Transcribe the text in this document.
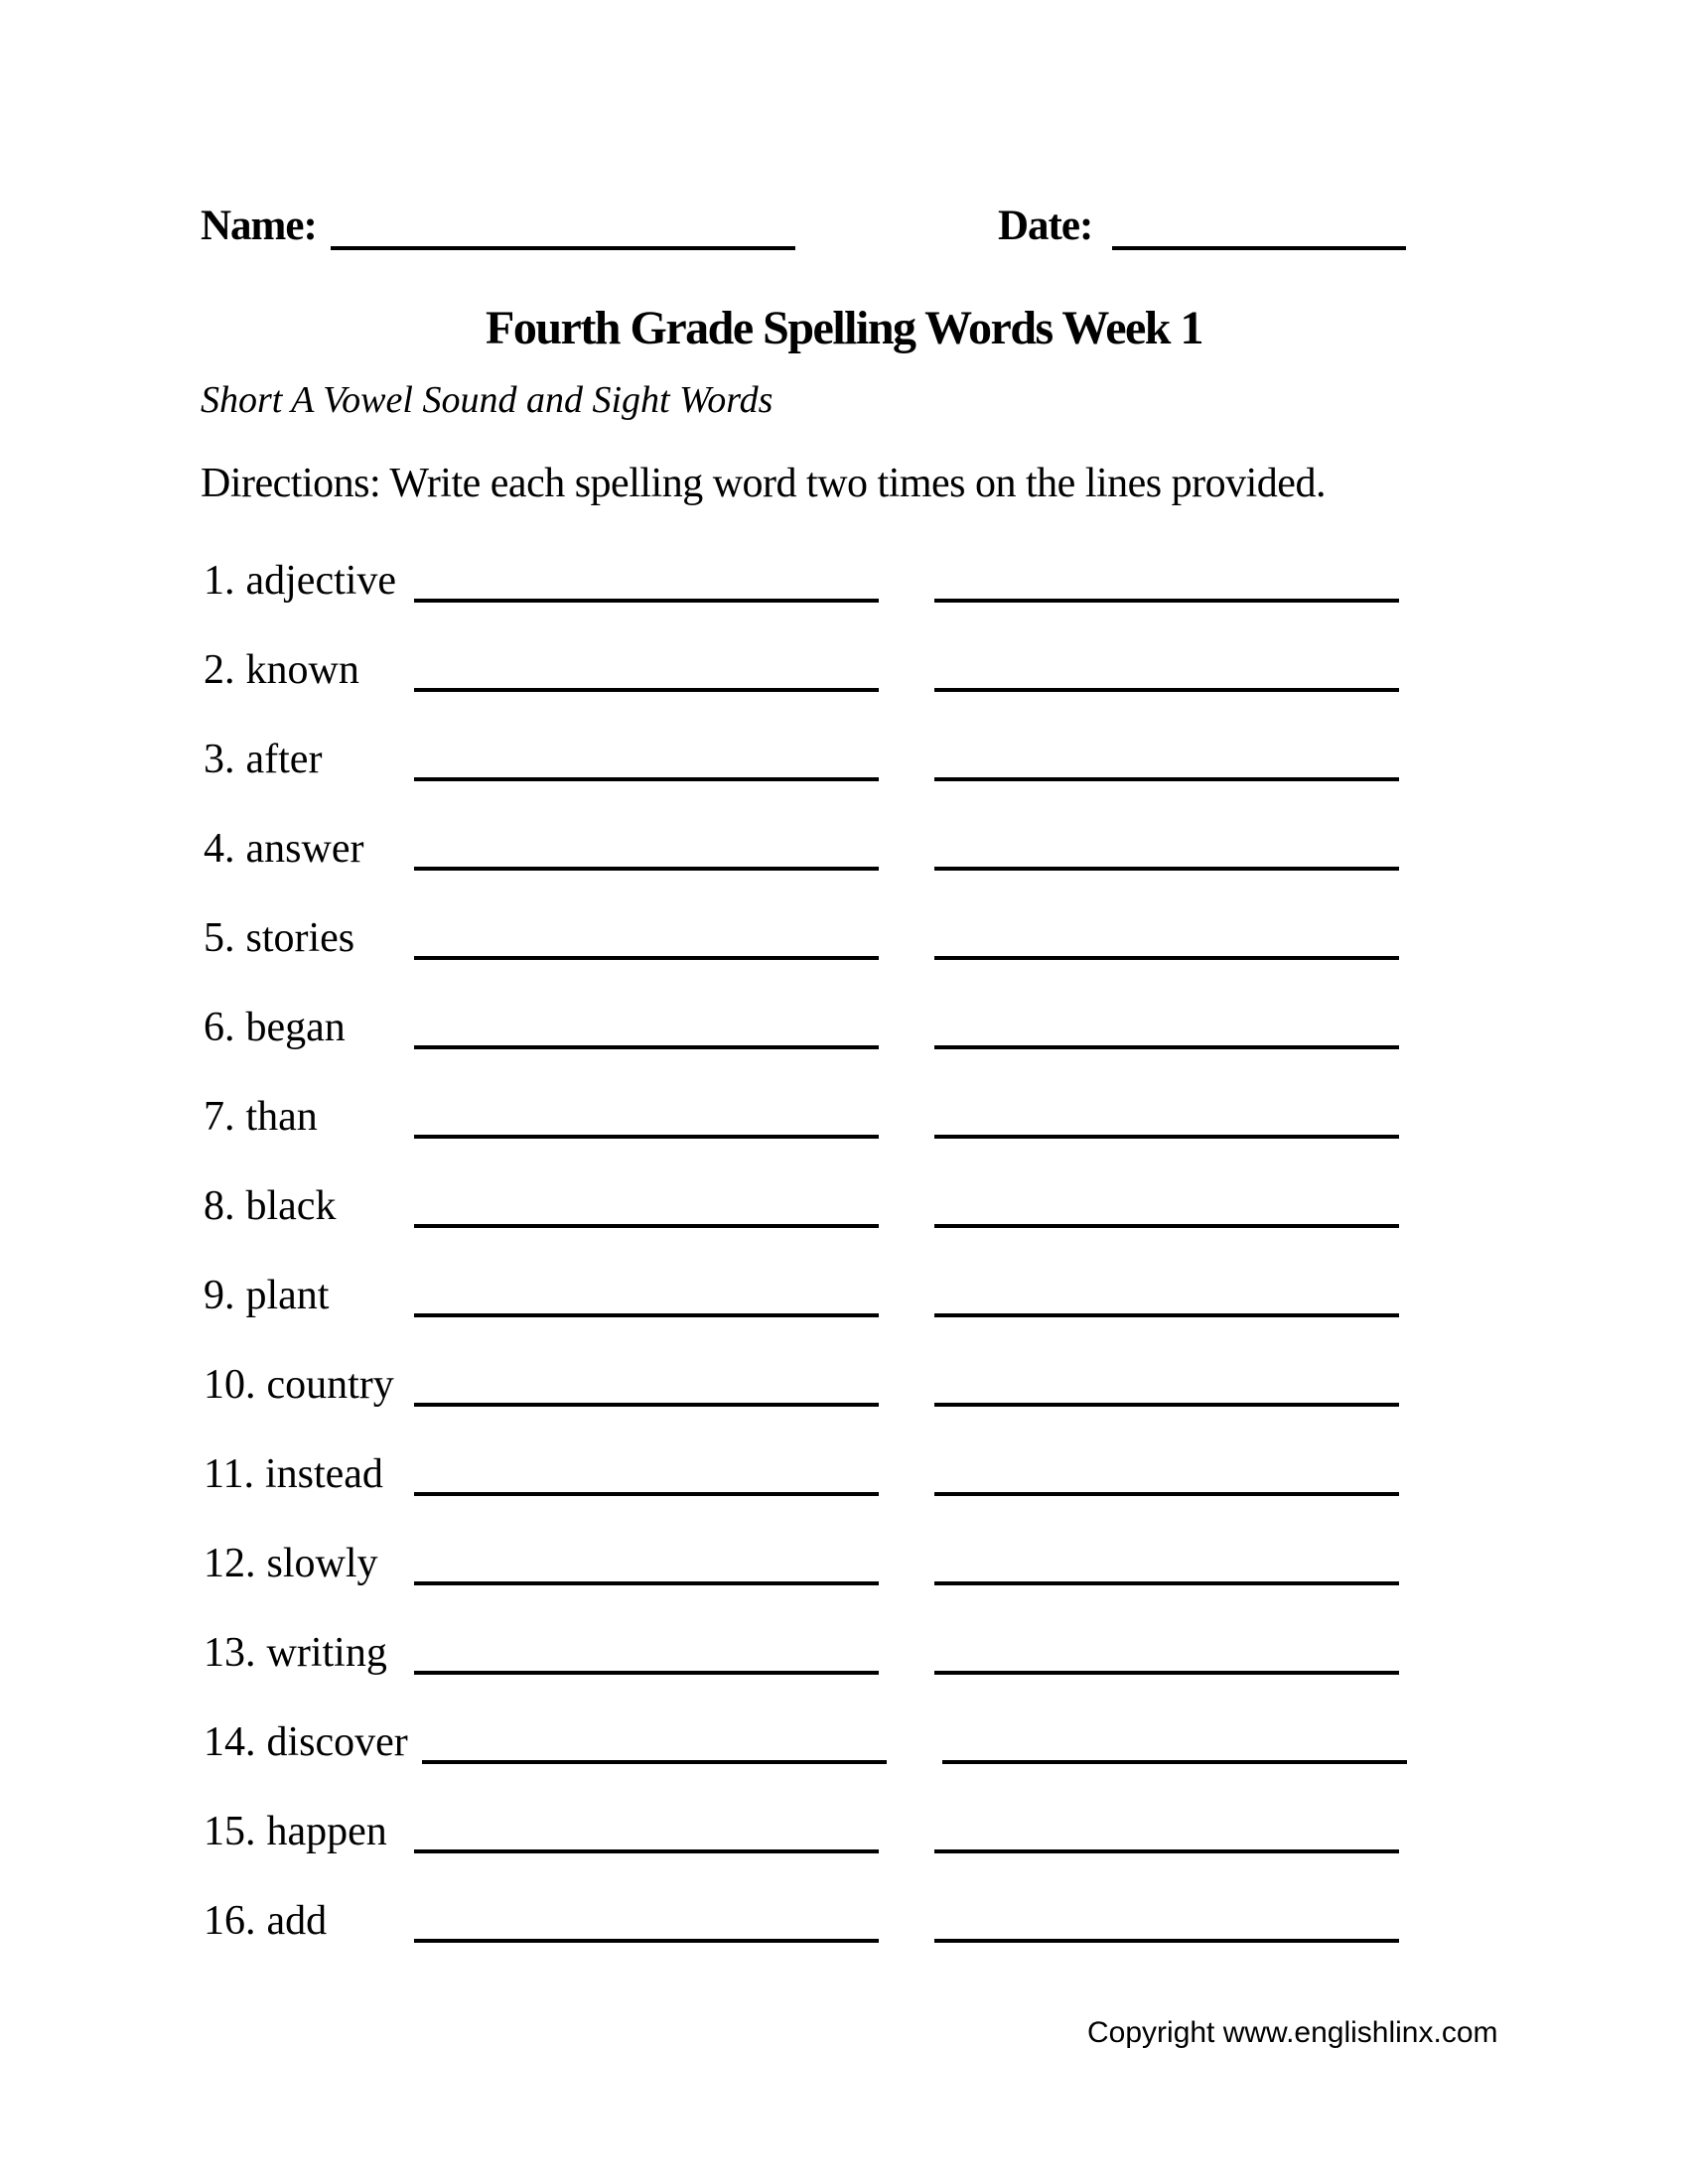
Name:	Date:
Fourth Grade Spelling Words Week 1
Short A Vowel Sound and Sight Words
Directions: Write each spelling word two times on the lines provided.
1. adjective
2. known
3. after
4. answer
5. stories
6. began
7. than
8. black
9. plant
10. country
11. instead
12. slowly
13. writing
14. discover
15. happen
16. add
Copyright www.englishlinx.com
